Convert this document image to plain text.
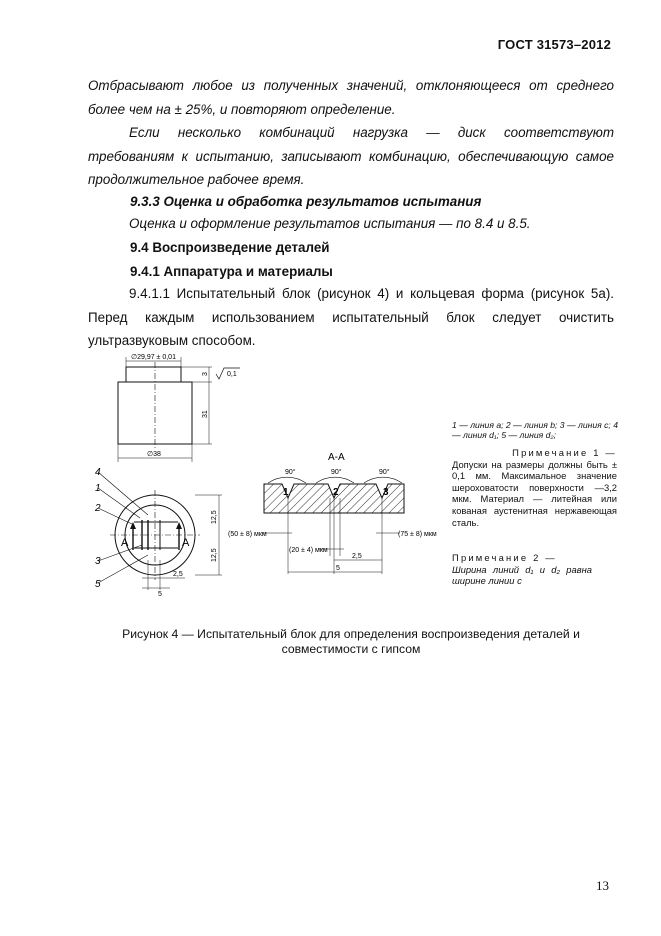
ГОСТ 31573–2012
Отбрасывают любое из полученных значений, отклоняющееся от среднего более чем на ± 25%, и повторяют определение.
Если несколько комбинаций нагрузка — диск соответствуют требованиям к испытанию, записывают комбинацию, обеспечивающую самое продолжительное рабочее время.
9.3.3 Оценка и обработка результатов испытания
Оценка и оформление результатов испытания — по 8.4 и 8.5.
9.4 Воспроизведение деталей
9.4.1 Аппаратура и материалы
9.4.1.1 Испытательный блок (рисунок 4) и кольцевая форма (рисунок 5а). Перед каждым использованием испытательный блок следует очистить ультразвуковым способом.
∅29,97 ± 0,01
0,1
3
31
∅38
А	А
4
1
2
3
5
12,5
12,5
2,5
5
А-А
90°	90°	90°
1	2	3
(50 ± 8) мкм	(75 ± 8) мкм
(20 ± 4) мкм
2,5
5
1 — линия а; 2 — линия b; 3 — линия с; 4 — линия d₁; 5 — линия d₂;
Примечание 1 —
Допуски на размеры должны быть ± 0,1 мм. Максимальное значение шероховатости поверхности —3,2 мкм. Материал — литейная или кованая аустенитная нержавеющая сталь.
Примечание 2 —
Ширина линий d₁ и d₂ равна ширине линии с
Рисунок 4 — Испытательный блок для определения воспроизведения деталей и совместимости с гипсом
13
